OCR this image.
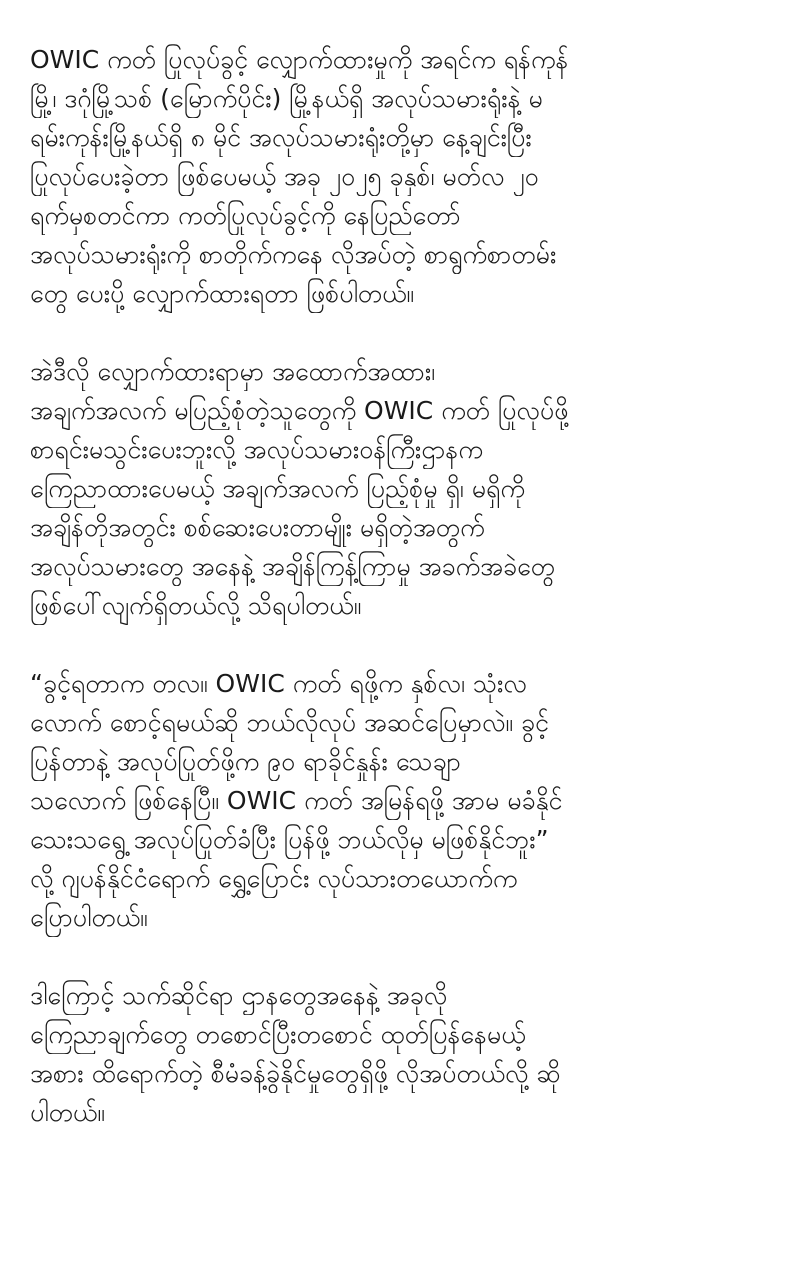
OWIC ကတ် ပြုလုပ်ခွင့် လျှောက်ထားမှုကို အရင်က ရန်ကုန်
မြို့၊ ဒဂုံမြို့သစ် (မြောက်ပိုင်း) မြို့နယ်ရှိ အလုပ်သမားရုံးနဲ့ မ
ရမ်းကုန်းမြို့နယ်ရှိ ၈ မိုင် အလုပ်သမားရုံးတို့မှာ နေ့ချင်းပြီး
ပြုလုပ်ပေးခဲ့တာ ဖြစ်ပေမယ့် အခု ၂၀၂၅ ခုနှစ်၊ မတ်လ ၂၀
ရက်မှစတင်ကာ ကတ်ပြုလုပ်ခွင့်ကို နေပြည်တော်
အလုပ်သမားရုံးကို စာတိုက်ကနေ လိုအပ်တဲ့ စာရွက်စာတမ်း
တွေ ပေးပို့ လျှောက်ထားရတာ ဖြစ်ပါတယ်။
အဲဒီလို လျှောက်ထားရာမှာ အထောက်အထား၊
အချက်အလက် မပြည့်စုံတဲ့သူတွေကို OWIC ကတ် ပြုလုပ်ဖို့
စာရင်းမသွင်းပေးဘူးလို့ အလုပ်သမားဝန်ကြီးဌာနက
ကြေညာထားပေမယ့် အချက်အလက် ပြည့်စုံမှု ရှိ၊ မရှိကို
အချိန်တိုအတွင်း စစ်ဆေးပေးတာမျိုး မရှိတဲ့အတွက်
အလုပ်သမားတွေ အနေနဲ့ အချိန်ကြန့်ကြာမှု အခက်အခဲတွေ
ဖြစ်ပေါ်လျက်ရှိတယ်လို့ သိရပါတယ်။
“ခွင့်ရတာက တလ။ OWIC ကတ် ရဖို့က နှစ်လ၊ သုံးလ
လောက် စောင့်ရမယ်ဆို ဘယ်လိုလုပ် အဆင်ပြေမှာလဲ။ ခွင့်
ပြန်တာနဲ့ အလုပ်ပြုတ်ဖို့က ၉၀ ရာခိုင်နှုန်း သေချာ
သလောက် ဖြစ်နေပြီ။ OWIC ကတ် အမြန်ရဖို့ အာမ မခံနိုင်
သေးသရွေ့ အလုပ်ပြုတ်ခံပြီး ပြန်ဖို့ ဘယ်လိုမှ မဖြစ်နိုင်ဘူး”
လို့ ဂျပန်နိုင်ငံရောက် ရွှေ့ပြောင်း လုပ်သားတယောက်က
ပြောပါတယ်။
ဒါကြောင့် သက်ဆိုင်ရာ ဌာနတွေအနေနဲ့ အခုလို
ကြေညာချက်တွေ တစောင်ပြီးတစောင် ထုတ်ပြန်နေမယ့်
အစား ထိရောက်တဲ့ စီမံခန့်ခွဲနိုင်မှုတွေရှိဖို့ လိုအပ်တယ်လို့ ဆို
ပါတယ်။
